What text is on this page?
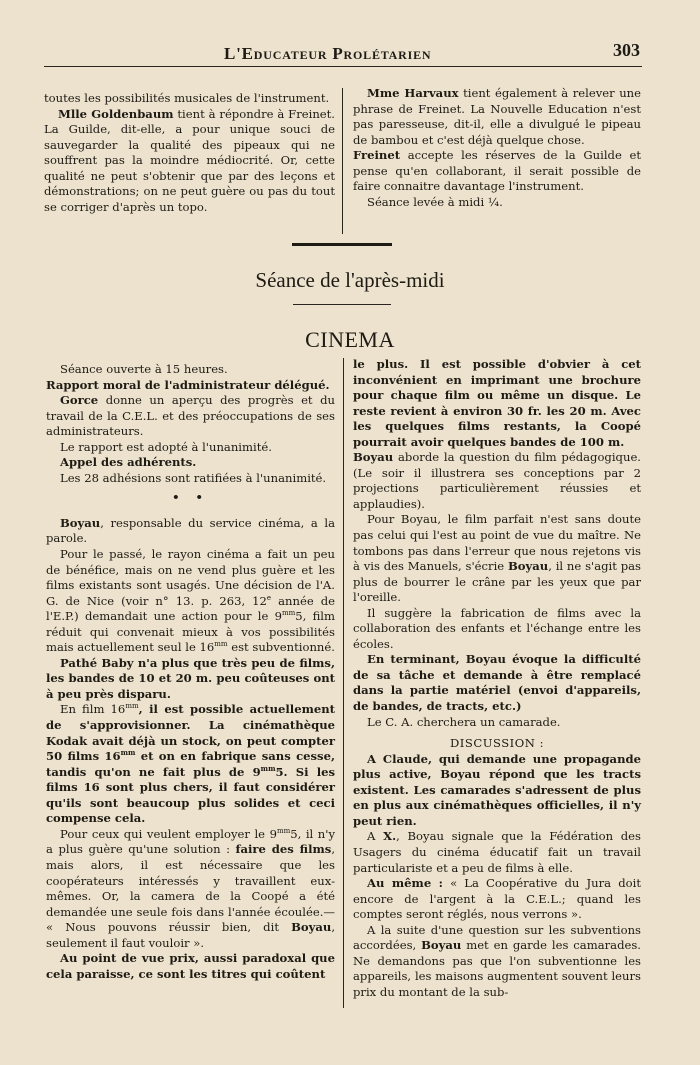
L'Educateur Prolétarien	303

toutes les possibilités musicales de l'instrument.

Mlle Goldenbaum tient à répondre à Freinet. La Guilde, dit-elle, a pour unique souci de sauvegarder la qualité des pipeaux qui ne souffrent pas la moindre médiocrité. Or, cette qualité ne peut s'obtenir que par des leçons et démonstrations; on ne peut guère ou pas du tout se corriger d'après un topo.

Mme Harvaux tient également à relever une phrase de Freinet. La Nouvelle Education n'est pas paresseuse, dit-il, elle a divulgué le pipeau de bambou et c'est déjà quelque chose.

Freinet accepte les réserves de la Guilde et pense qu'en collaborant, il serait possible de faire connaitre davantage l'instrument.

Séance levée à midi ¼.

Séance de l'après-midi
CINEMA

Séance ouverte à 15 heures.

Rapport moral de l'administrateur délégué.

Gorce donne un aperçu des progrès et du travail de la C.E.L. et des préoccupations de ses administrateurs.

Le rapport est adopté à l'unanimité.

Appel des adhérents.

Les 28 adhésions sont ratifiées à l'unanimité.

• •

Boyau, responsable du service cinéma, a la parole.

Pour le passé, le rayon cinéma a fait un peu de bénéfice, mais on ne vend plus guère et les films existants sont usagés. Une décision de l'A. G. de Nice (voir n° 13. p. 263, 12e année de l'E.P.) demandait une action pour le $9^{mm}5$, film réduit qui convenait mieux à vos possibilités mais actuellement seul le $16^{mm}$ est subventionné.

Pathé Baby n'a plus que très peu de films, les bandes de 10 et 20 m. peu coûteuses ont à peu près disparu.

En film $16^{mm}$, il est possible actuellement de s'approvisionner. La cinémathèque Kodak avait déjà un stock, on peut compter 50 films $16^{mm}$ et on en fabrique sans cesse, tandis qu'on ne fait plus de $9^{mm}5$. Si les films 16 sont plus chers, il faut considérer qu'ils sont beaucoup plus solides et ceci compense cela.

Pour ceux qui veulent employer le $9^{mm}5$, il n'y a plus guère qu'une solution : faire des films, mais alors, il est nécessaire que les coopérateurs intéressés y travaillent eux-mêmes. Or, la camera de la Coopé a été demandée une seule fois dans l'année écoulée.— « Nous pouvons réussir bien, dit Boyau, seulement il faut vouloir ».

Au point de vue prix, aussi paradoxal que cela paraisse, ce sont les titres qui coûtent

le plus. Il est possible d'obvier à cet inconvénient en imprimant une brochure pour chaque film ou même un disque. Le reste revient à environ 30 fr. les 20 m. Avec les quelques films restants, la Coopé pourrait avoir quelques bandes de 100 m.

Boyau aborde la question du film pédagogique. (Le soir il illustrera ses conceptions par 2 projections particulièrement réussies et applaudies).

Pour Boyau, le film parfait n'est sans doute pas celui qui l'est au point de vue du maître. Ne tombons pas dans l'erreur que nous rejetons vis à vis des Manuels, s'écrie Boyau, il ne s'agit pas plus de bourrer le crâne par les yeux que par l'oreille.

Il suggère la fabrication de films avec la collaboration des enfants et l'échange entre les écoles.

En terminant, Boyau évoque la difficulté de sa tâche et demande à être remplacé dans la partie matériel (envoi d'appareils, de bandes, de tracts, etc.)

Le C. A. cherchera un camarade.

DISCUSSION :

A Claude, qui demande une propagande plus active, Boyau répond que les tracts existent. Les camarades s'adressent de plus en plus aux cinémathèques officielles, il n'y peut rien.

A X., Boyau signale que la Fédération des Usagers du cinéma éducatif fait un travail particulariste et a peu de films à elle.

Au même : « La Coopérative du Jura doit encore de l'argent à la C.E.L.; quand les comptes seront réglés, nous verrons ».

A la suite d'une question sur les subventions accordées, Boyau met en garde les camarades. Ne demandons pas que l'on subventionne les appareils, les maisons augmentent souvent leurs prix du montant de la sub-
